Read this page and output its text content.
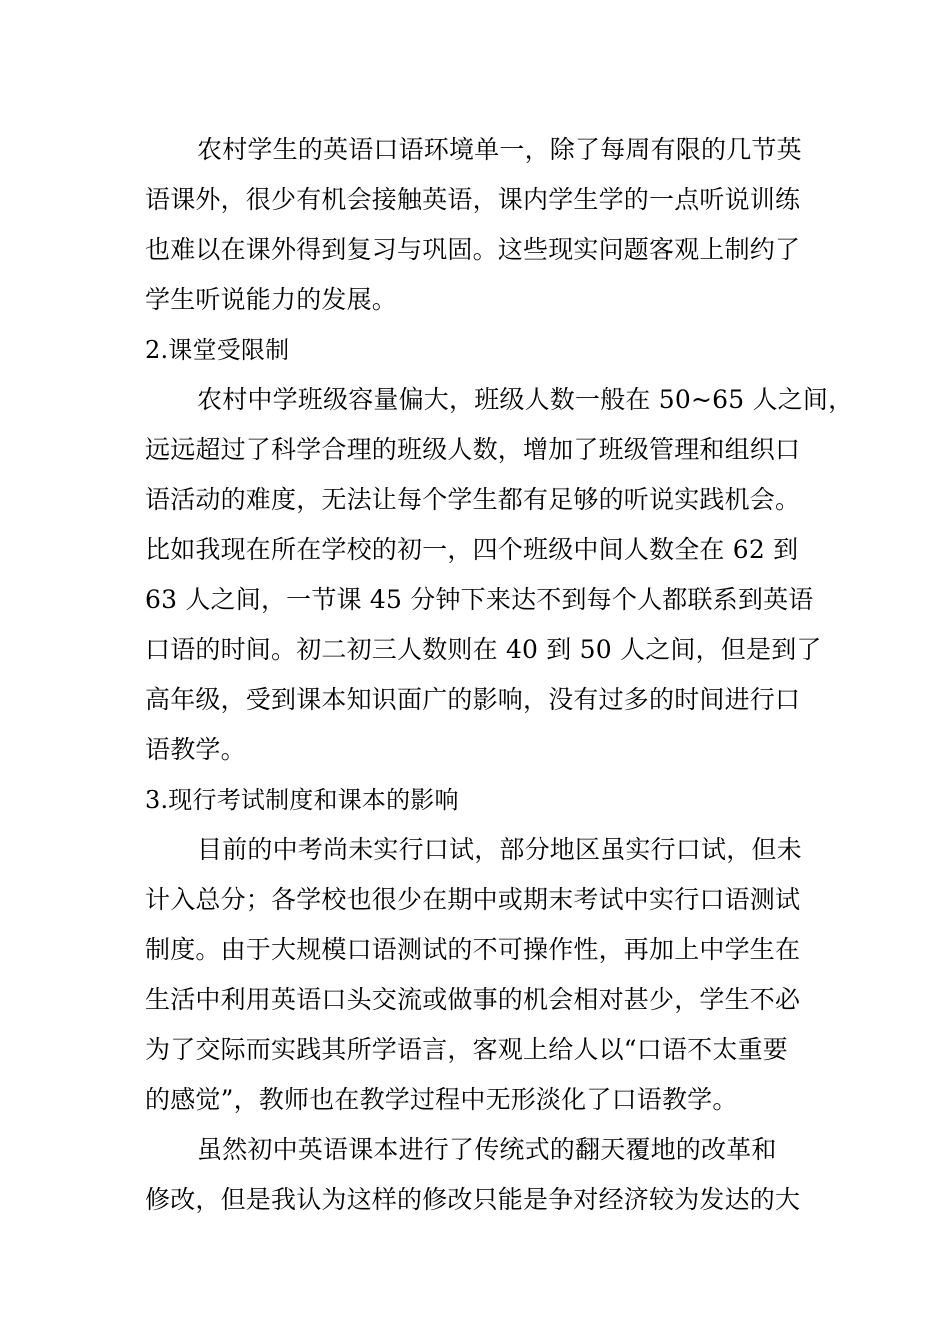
农村学生的英语口语环境单一，除了每周有限的几节英
语课外，很少有机会接触英语，课内学生学的一点听说训练
也难以在课外得到复习与巩固。这些现实问题客观上制约了
学生听说能力的发展。
2.课堂受限制
农村中学班级容量偏大，班级人数一般在 50~65 人之间，
远远超过了科学合理的班级人数，增加了班级管理和组织口
语活动的难度，无法让每个学生都有足够的听说实践机会。
比如我现在所在学校的初一，四个班级中间人数全在 62 到
63 人之间，一节课 45 分钟下来达不到每个人都联系到英语
口语的时间。初二初三人数则在 40 到 50 人之间，但是到了
高年级，受到课本知识面广的影响，没有过多的时间进行口
语教学。
3.现行考试制度和课本的影响
目前的中考尚未实行口试，部分地区虽实行口试，但未
计入总分；各学校也很少在期中或期末考试中实行口语测试
制度。由于大规模口语测试的不可操作性，再加上中学生在
生活中利用英语口头交流或做事的机会相对甚少，学生不必
为了交际而实践其所学语言，客观上给人以“口语不太重要
的感觉”，教师也在教学过程中无形淡化了口语教学。
虽然初中英语课本进行了传统式的翻天覆地的改革和
修改，但是我认为这样的修改只能是争对经济较为发达的大
